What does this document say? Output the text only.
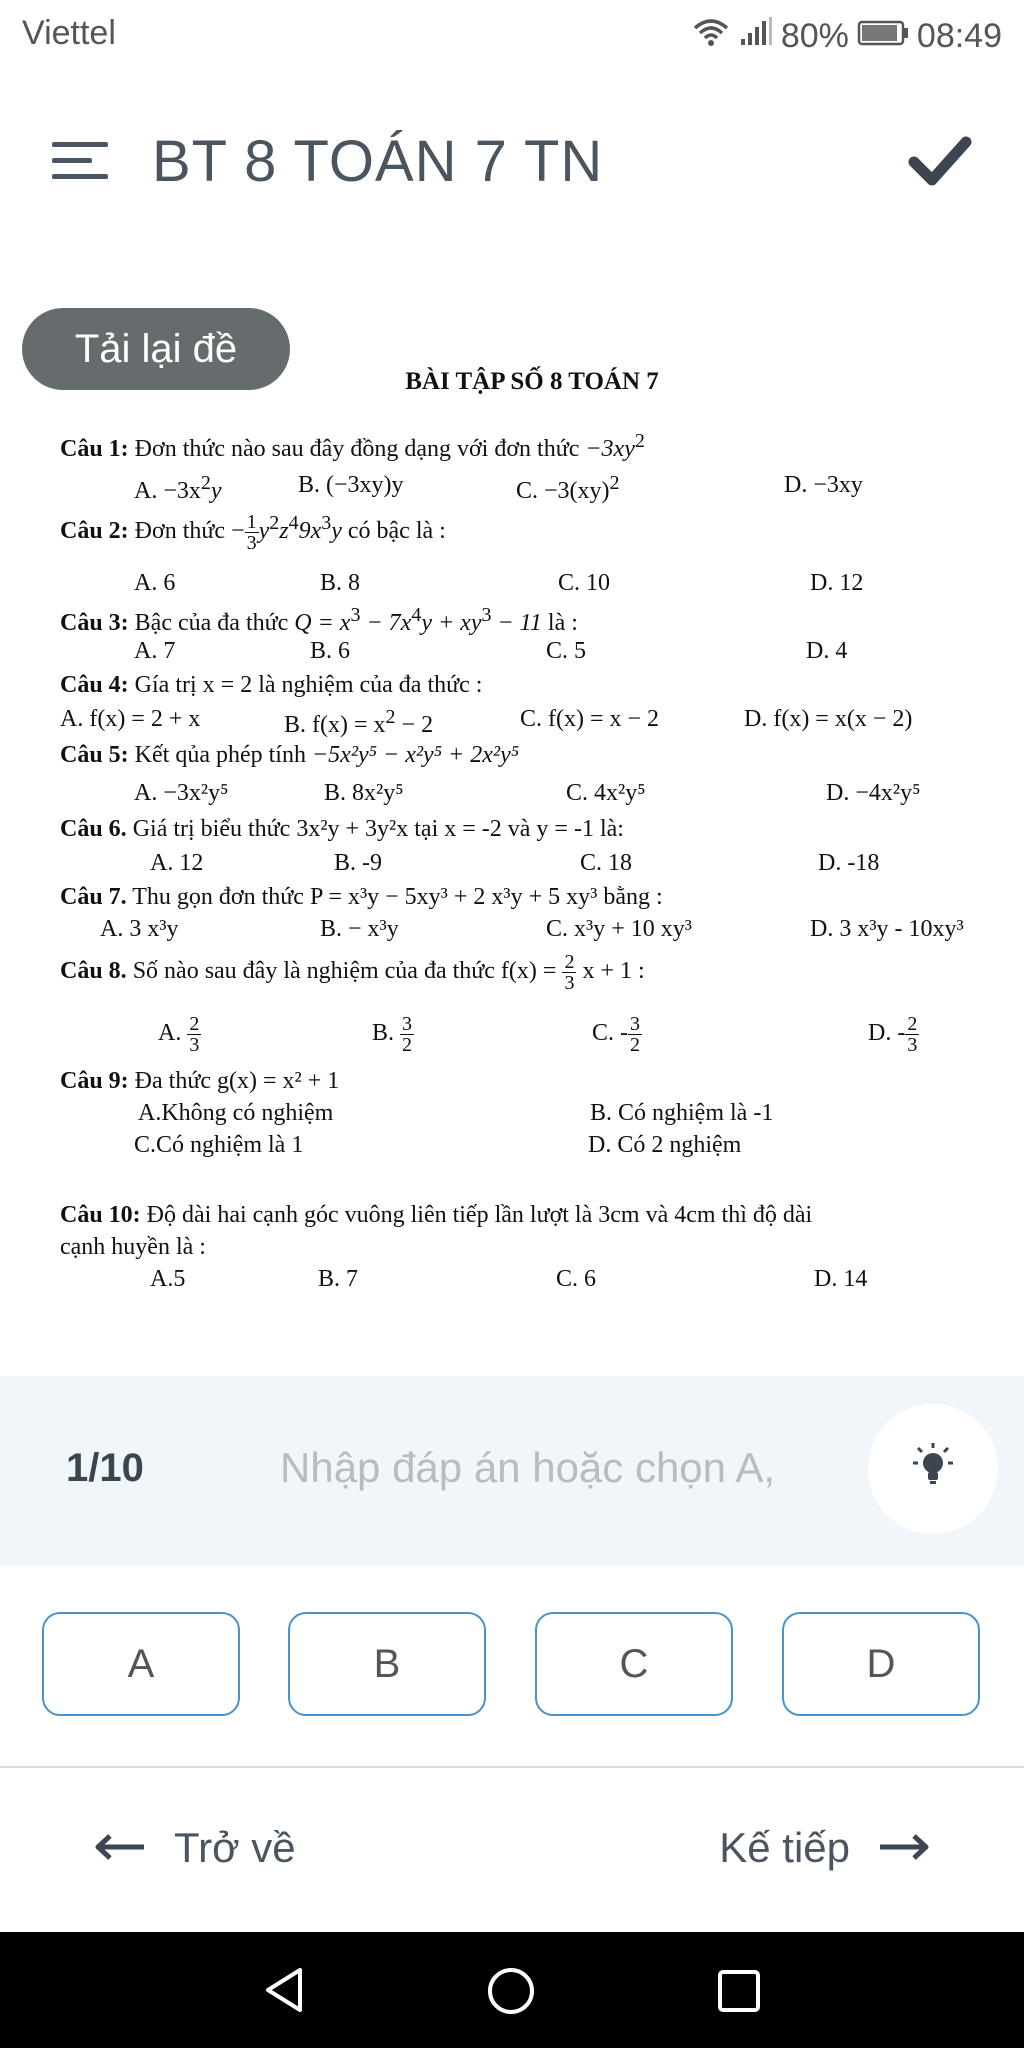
Viettel	80% 08:49
BT 8 TOÁN 7 TN
BÀI TẬP SỐ 8 TOÁN 7
Câu 1: Đơn thức nào sau đây đồng dạng với đơn thức $-3xy^2$
A. $-3x^2y$	B. (−3xy)y	C. −3(xy)$^2$	D. −3xy
Câu 2: Đơn thức − $\frac{1}{3} y^2z^49x^3y$ có bậc là :
A. 6	B. 8	C. 10	D. 12
Câu 3: Bậc của đa thức $Q = x^3 - 7x^4y + xy^3 - 11$ là :
A. 7	B. 6	C. 5	D. 4
Câu 4: Gía trị x = 2 là nghiệm của đa thức :
A. f(x) = 2 + x	B. $f(x) = x^2 - 2$	C. f(x) = x − 2	D. f(x) = x(x − 2)
Câu 5: Kết qủa phép tính −5x²y⁵ − x²y⁵ + 2x²y⁵
A. −3x²y⁵	B. 8x²y⁵	C. 4x²y⁵	D. −4x²y⁵
Câu 6. Giá trị biểu thức 3x²y + 3y²x tại x = -2 và y = -1 là:
A. 12	B. -9	C. 18	D. -18
Câu 7. Thu gọn đơn thức P = x³y − 5xy³ + 2 x³y + 5 xy³ bằng :
A. 3 x³y	B. − x³y	C. x³y + 10 xy³	D. 3 x³y - 10xy³
Câu 8. Số nào sau đây là nghiệm của đa thức $f(x) = \frac{2}{3}$ x + 1 :
A. $\frac{2}{3}$	B. $\frac{3}{2}$	C. - $\frac{3}{2}$	D. - $\frac{2}{3}$
Câu 9: Đa thức g(x) = x² + 1
A.Không có nghiệm	B. Có nghiệm là -1
C.Có nghiệm là 1	D. Có 2 nghiệm
Câu 10: Độ dài hai cạnh góc vuông liên tiếp lần lượt là 3cm và 4cm thì độ dài
cạnh huyền là :
A.5	B. 7	C. 6	D. 14
Tải lại đề
1/10
Nhập đáp án hoặc chọn A,
A	B	C	D
Trở về	Kế tiếp
